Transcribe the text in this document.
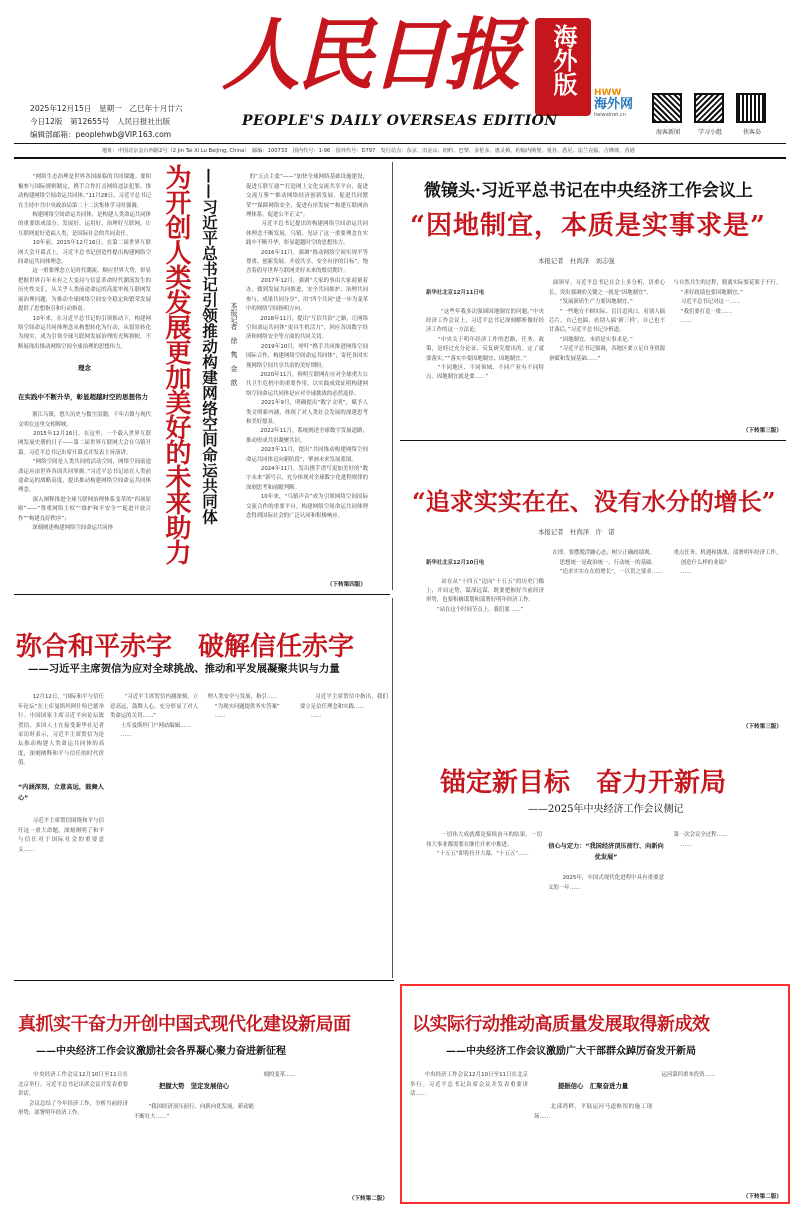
2025年12月15日　星期一　乙巳年十月廿六
今日12版　第12655号　人民日报社出版
编辑部邮箱：peoplehwb@VIP.163.com
人民日报	海外版
PEOPLE'S DAILY OVERSEAS EDITION
HWW
海外网
haiwainet.cn
海客新闻	学习小组	侠客岛
地址：中国北京金台西路2号（2 Jin Tai Xi Lu Beijing, China）　邮编：100733　国内代号：1-96　国外代号：D797　发行站点：东京、旧金山、纽约、巴黎、多伦多、惠灵顿、约翰内斯堡、曼谷、悉尼、法兰克福、吉隆坡、香港

　　“网络生态治理是世界各国面临的共同课题。要积极参与国际规则制定，携手合作打击网络违法犯罪，推动构建网络空间命运共同体。”11月28日，习近平总书记在主持中共中央政治局第二十二次集体学习时强调。
　　构建网络空间命运共同体，是构建人类命运共同体的重要组成部分。发展好、运用好、治理好互联网，让互联网更好造福人类，是国际社会的共同责任。
　　10年前，2015年12月16日，在第二届世界互联网大会开幕式上，习近平总书记创造性提出构建网络空间命运共同体理念。
　　这一重要理念立足时代潮流、顺应世界大势，彰显把握世界百年未有之大变局与信息革命时代潮流发生的历史性交汇，从关乎人类前途命运的高度审视互联网发展治理问题，为推动全球网络空间安全稳定和繁荣发展提供了思想指引和行动指南。
　　10年来，在习近平总书记的引领推动下，构建网络空间命运共同体理念从构想转化为行动，从愿景转化为现实，成为引领全球互联网发展治理的光辉旗帜，不断展现出推动网络空间全球治理的思想伟力。

理念

在实践中不断升华，彰显超越时空的思想伟力

　　浙江乌镇，悠久历史与数字浪潮，千年古镇与现代文明在这里交相辉映。
　　2015年12月16日，在这里，一个载入世界互联网发展史册的日子——第二届世界互联网大会在乌镇开幕。习近平总书记出席开幕式并发表主旨演讲。
　　“网络空间是人类共同的活动空间，网络空间前途命运应由世界各国共同掌握。”习近平总书记站在人类前途命运的战略高度，提出推动构建网络空间命运共同体理念。
　　深入阐释推进全球互联网治理体系变革的“四项原则”——“尊重网络主权”“维护和平安全”“促进开放合作”“构建良好秩序”；
　　深刻阐述构建网络空间命运共同体	为开创人类发展更加美好的未来助力 ——习近平总书记引领推动构建网络空间命运共同体	本报记者　徐　隽　金　歆

的“五点主张”——“加快全球网络基础设施建设，促进互联互通”“打造网上文化交流共享平台，促进交流互鉴”“推动网络经济创新发展，促进共同繁荣”“保障网络安全，促进有序发展”“构建互联网治理体系，促进公平正义”。
　　习近平总书记提出的构建网络空间命运共同体理念不断发展。乌镇，见证了这一重要理念在实践中不断升华，彰显超越时空的思想伟力。
　　2016年11月，强调“推动网络空间实现平等尊重、创新发展、开放共享、安全有序的目标”，饱含着倡导世界互联网美好未来的殷切期许。
　　2017年12月，强调“大家的事由大家商量着办，做到发展共同推进、安全共同维护、治理共同参与、成果共同分享”，用“四个共同”进一步为变革中的网络空间指明方向。
　　2018年11月，提出“互信共治”之路，让网络空间命运共同体“更具生机活力”，回应各国数字经济和网络安全等方面的共同关切。
　　2019年10月，呼吁“携手共同推进网络空间国际合作，构建网络空间命运共同体”，寄托各国实现网络空间共享共治的美好期盼。
　　2020年11月，指明互联网在应对全球重大公共卫生危机中的重要作用，以实践成效证明构建网络空间命运共同体是应对全球挑战的必然选择。
　　2021年9月，明确提出“数字文明”，赋予人类文明新内涵，体现了对人类社会发展的深邃思考和美好愿景。
　　2022年11月，系统阐述全球数字发展道路，推动形成共识凝聚共识。
　　2023年11月，提出“共同推动构建网络空间命运共同体迈向新阶段”，擘画未来发展蓝图。
　　2024年11月，发出携手谱写更加美好的“数字未来”新号召，充分体现对全球数字化进程规律的深刻思考和前瞻判断。
　　10年来，“乌镇声音”成为引领网络空间国际交流合作的重要平台，构建网络空间命运共同体理念得到国际社会的广泛认同和积极响应。

（下转第四版）
微镜头·习近平总书记在中央经济工作会议上
“因地制宜，本质是实事求是”
本报记者　杜尚泽　刘志强

新华社北京12月11日电

　　“这些年我多次强调因地制宜的问题。”中央经济工作会议上，习近平总书记深刻解析做好经济工作的这一方法论。
　　“中央关于明年经济工作的思路、任务、政策，是经过充分论证、反复研究提出的。定了就要落实。”“落实中要因地制宜、因地制宜。”
　　“不同地区、不同领域、不同产业有不同特点，因地制宜就是要……”

面领导。习近平总书记在会上多分析，语重心长，突出强调的关键之一就是“因地制宜”。
　　“发展新质生产力要因地制宜。”
　　“一些地方不顾实际、盲目追风口，看别人搞芯片，自己也搞，看别人搞‘新三样’，自己也不甘落后。”习近平总书记分析道。
　　“因地制宜，本质是实事求是。”
　　“习近平总书记强调，各地区要立足自身资源禀赋和发展基础……”

与自然共生的过程，脱离实际耍花架子不行。
　　“求好政绩也要因地制宜。”
　　习近平总书记对这一……
　　“我们要打造一批……
　　……

（下转第三版）
“追求实实在在、没有水分的增长”
本报记者　杜尚泽　许　诺

新华社北京12月10日电

　　站在从“十四五”迈向“十五五”的历史门槛上，开局定势，谋深远谋，既要把握好当前经济形势，也要积极谋划和部署好明年经济工作。
　　“站在这个时间节点上，我们要……”

在即。要摆脱浮躁心态，树立正确政绩观。
　　思想统一是政治统一、行动统一的基础。
　　“追求实实在在的增长”，一以贯之要求……

重点任务、机遇和挑战，部署明年经济工作。
　　创造什么样的业绩？
　　……

（下转第三版）
弥合和平赤字　破解信任赤字
——习近平主席贺信为应对全球挑战、推动和平发展凝聚共识与力量

　　12月12日，“国际和平与信任年论坛”在土库曼斯坦阿什哈巴德举行。中国国家主席习近平向论坛致贺信。多国人士在接受新华社记者采访时表示，习近平主席贺信为论坛推动构建人类命运共同体的高度，深刻阐释和平与信任的时代价值。

“内涵深刻，立意高远，鼓舞人心”

　　习近平主席贺信围绕和平与信任这一重大命题，深刻阐明了和平与信任对于国际社会的重要意义……

　　“习近平主席贺信内涵深刻，立意高远，鼓舞人心，充分彰显了对人类命运的关切……”
　　土库曼斯坦门户网站编辑……
　　……

理人类安全与发展，指引……
　　“为现实问题提供务实答案”
　　……

　　习近平主席贺信中指出，我们要立足信任理念和实践……
　　……

锚定新目标　奋力开新局
——2025年中央经济工作会议侧记

　　一切伟大成就都是接续奋斗的结果，一切伟大事业都需要在继往开来中推进。
　　“十五五”即将拉开大幕，“十五五”……

信心与定力：“我国经济顶压前行、向新向优发展”

　　2025年，中国式现代化进程中具有重要意义的一年……

第一次会议全过程……
　　……

真抓实干奋力开创中国式现代化建设新局面
——中央经济工作会议激励社会各界凝心聚力奋进新征程

　　中央经济工作会议12月10日至11日在北京举行。习近平总书记出席会议并发表重要讲话。
　　会议总结了今年经济工作，分析当前经济形势，部署明年经济工作。

把握大势　坚定发展信心

　　“我国经济顶压前行、向新向优发展，新动能不断壮大……”

刻的变革……

（下转第二版）
以实际行动推动高质量发展取得新成效
——中央经济工作会议激励广大干部群众踔厉奋发开新局

　　中央经济工作会议12月10日至11日在北京举行。习近平总书记出席会议并发表重要讲话……

提振信心　汇聚奋进力量

　　北部湾畔，平陆运河马道枢纽的施工现场……

运河第四重本投资……

（下转第二版）
